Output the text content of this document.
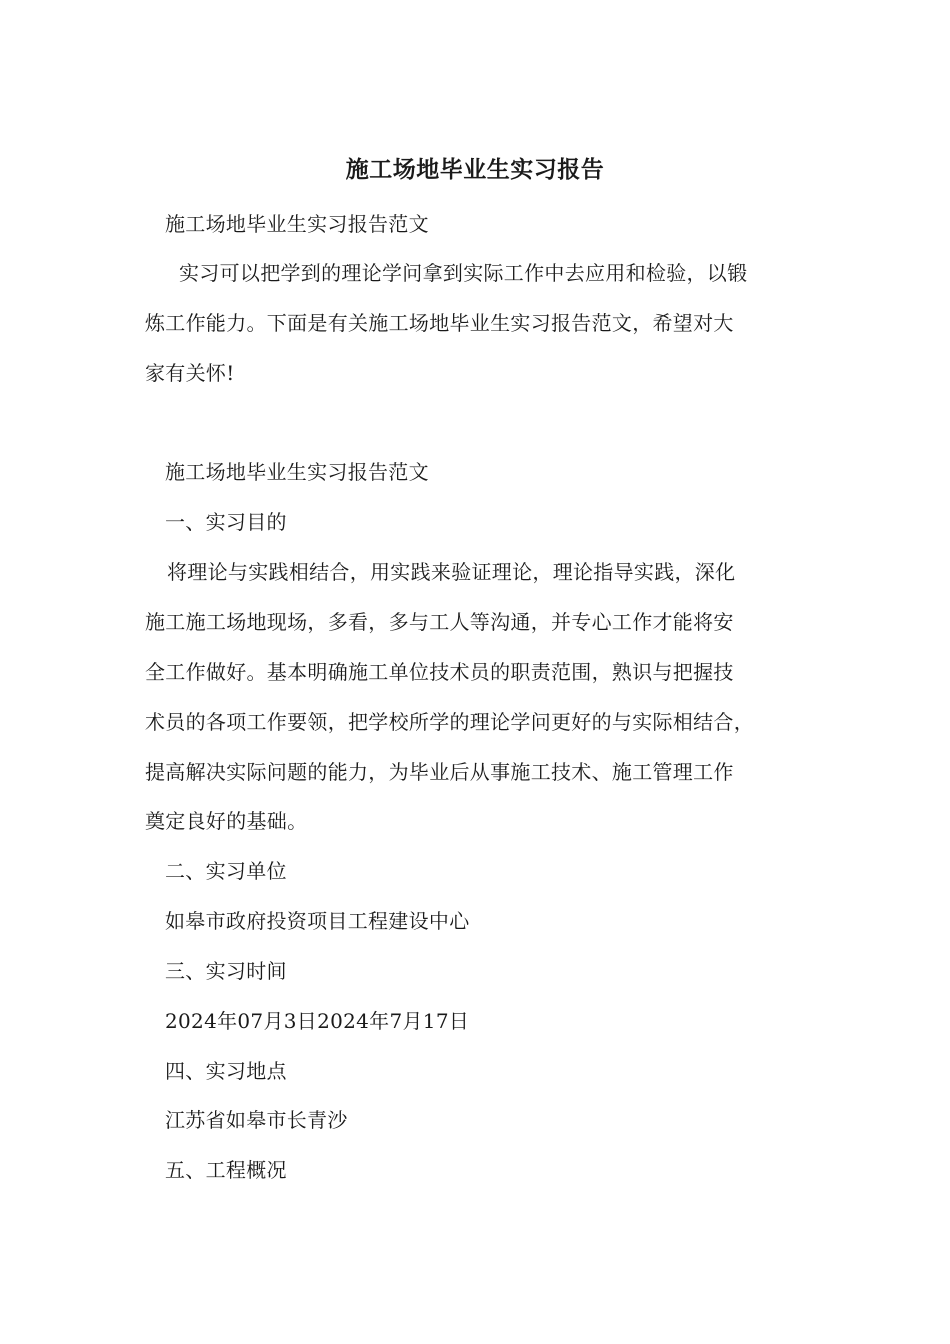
施工场地毕业生实习报告
施工场地毕业生实习报告范文
实习可以把学到的理论学问拿到实际工作中去应用和检验，以锻
炼工作能力。下面是有关施工场地毕业生实习报告范文，希望对大
家有关怀!
施工场地毕业生实习报告范文
一、实习目的
将理论与实践相结合，用实践来验证理论，理论指导实践，深化
施工施工场地现场，多看，多与工人等沟通，并专心工作才能将安
全工作做好。基本明确施工单位技术员的职责范围，熟识与把握技
术员的各项工作要领，把学校所学的理论学问更好的与实际相结合，
提高解决实际问题的能力，为毕业后从事施工技术、施工管理工作
奠定良好的基础。
二、实习单位
如皋市政府投资项目工程建设中心
三、实习时间
2024年07月3日2024年7月17日
四、实习地点
江苏省如皋市长青沙
五、工程概况
